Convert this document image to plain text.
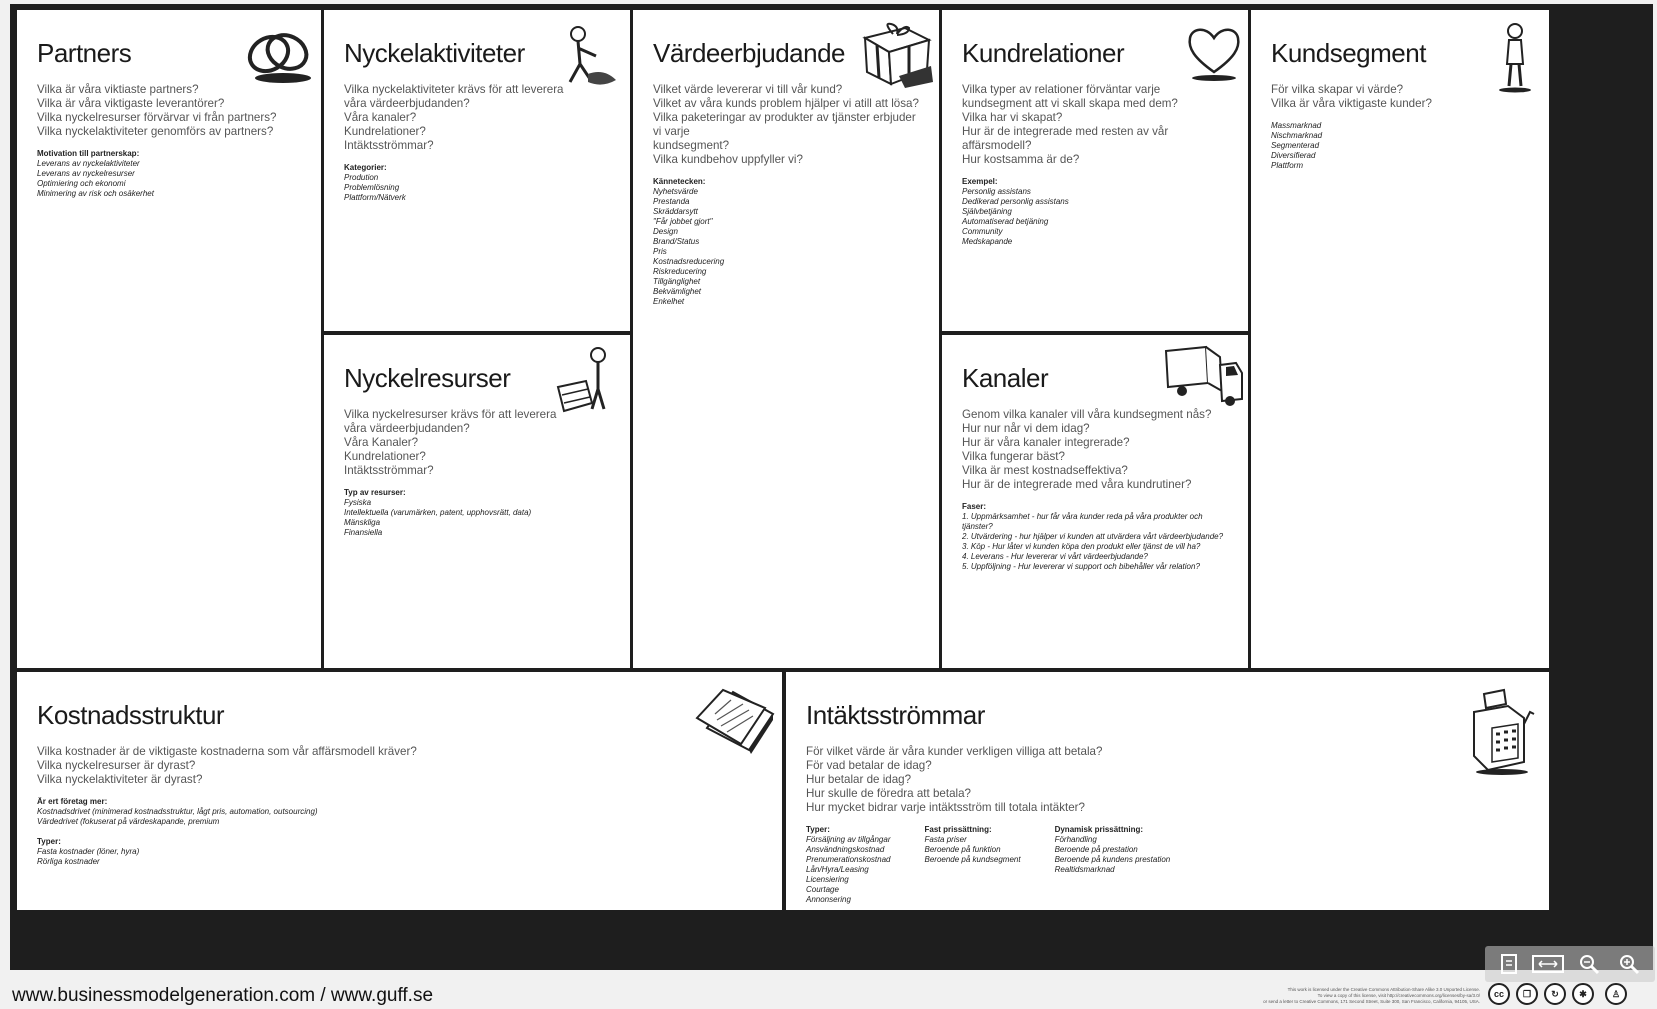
Partners
Vilka är våra viktiaste partners?
Vilka är våra viktigaste leverantörer?
Vilka nyckelresurser förvärvar vi från partners?
Vilka nyckelaktiviteter genomförs av partners?
Motivation till partnerskap:
Leverans av nyckelaktiviteter
Leverans av nyckelresurser
Optimiering och ekonomi
Minimering av risk och osäkerhet
Nyckelaktiviteter
Vilka nyckelaktiviteter krävs för att leverera
våra värdeerbjudanden?
Våra kanaler?
Kundrelationer?
Intäktsströmmar?
Kategorier:
Prodution
Problemlösning
Plattform/Nätverk
Nyckelresurser
Vilka nyckelresurser krävs för att leverera
våra värdeerbjudanden?
Våra Kanaler?
Kundrelationer?
Intäktsströmmar?
Typ av resurser:
Fysiska
Intellektuella (varumärken, patent, upphovsrätt, data)
Mänskliga
Finansiella
Värdeerbjudande
Vilket värde levererar vi till vår kund?
Vilket av våra kunds problem hjälper vi atill att lösa?
Vilka paketeringar av produkter av tjänster erbjuder vi varje
kundsegment?
Vilka kundbehov uppfyller vi?
Kännetecken:
Nyhetsvärde
Prestanda
Skräddarsytt
"Får jobbet gjort"
Design
Brand/Status
Pris
Kostnadsreducering
Riskreducering
Tillgänglighet
Bekvämlighet
Enkelhet
Kundrelationer
Vilka typer av relationer förväntar varje
kundsegment att vi skall skapa med dem?
Vilka har vi skapat?
Hur är de integrerade med resten av vår affärsmodell?
Hur kostsamma är de?
Exempel:
Personlig assistans
Dedikerad personlig assistans
Självbetjäning
Automatiserad betjäning
Community
Medskapande
Kanaler
Genom vilka kanaler vill våra kundsegment nås?
Hur nur når vi dem idag?
Hur är våra kanaler integrerade?
Vilka fungerar bäst?
Vilka är mest kostnadseffektiva?
Hur är de integrerade med våra kundrutiner?
Faser:
1. Uppmärksamhet - hur får våra kunder reda på våra produkter och tjänster?
2. Utvärdering - hur hjälper vi kunden att utvärdera vårt värdeerbjudande?
3. Köp - Hur låter vi kunden köpa den produkt eller tjänst de vill ha?
4. Leverans - Hur levererar vi vårt värdeerbjudande?
5. Uppföljning - Hur levererar vi support och bibehåller vår relation?
Kundsegment
För vilka skapar vi värde?
Vilka är våra viktigaste kunder?
Massmarknad
Nischmarknad
Segmenterad
Diversifierad
Plattform
Kostnadsstruktur
Vilka kostnader är de viktigaste kostnaderna som vår affärsmodell kräver?
Vilka nyckelresurser är dyrast?
Vilka nyckelaktiviteter är dyrast?
Är ert företag mer:
Kostnadsdrivet (minimerad kostnadsstruktur, lågt pris, automation, outsourcing)
Värdedrivet (fokuserat på värdeskapande, premium
Typer:
Fasta kostnader (löner, hyra)
Rörliga kostnader
Intäktsströmmar
För vilket värde är våra kunder verkligen villiga att betala?
För vad betalar de idag?
Hur betalar de idag?
Hur skulle de föredra att betala?
Hur mycket bidrar varje intäktsström till totala intäkter?
Typer:
Försäljning av tillgångar
Ansvändningskostnad
Prenumerationskostnad
Lån/Hyra/Leasing
Licensiering
Courtage
Annonsering
Fast prissättning:
Fasta priser
Beroende på funktion
Beroende på kundsegment
Dynamisk prissättning:
Förhandling
Beroende på prestation
Beroende på kundens prestation
Realtidsmarknad
www.businessmodelgeneration.com / www.guff.se	This work is licensed under the Creative Commons Attribution-Share Alike 3.0 Unported License.
To view a copy of this license, visit http://creativecommons.org/licenses/by-sa/3.0/
or send a letter to Creative Commons, 171 Second Street, Suite 300, San Francisco, California, 94105, USA.
cc	❐	↻	✱	♙
